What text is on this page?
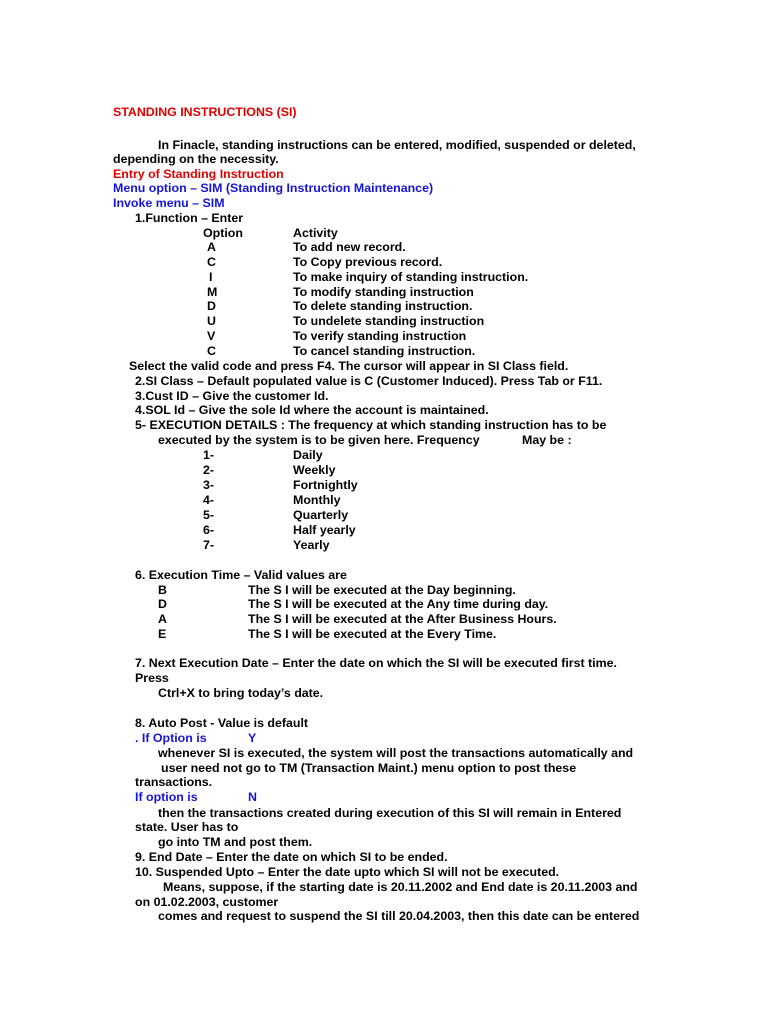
STANDING INSTRUCTIONS (SI)
In Finacle, standing instructions can be entered, modified, suspended or deleted,
depending on the necessity.
Entry of Standing Instruction
Menu option – SIM (Standing Instruction Maintenance)
Invoke menu – SIM
1.Function – Enter
Option	Activity
A	To add new record.
C	To Copy previous record.
I	To make inquiry of standing instruction.
M	To modify standing instruction
D	To delete standing instruction.
U	To undelete standing instruction
V	To verify standing instruction
C	To cancel standing instruction.
Select the valid code and press F4. The cursor will appear in SI Class field.
2.SI Class – Default populated value is C (Customer Induced). Press Tab or F11.
3.Cust ID – Give the customer Id.
4.SOL Id – Give the sole Id where the account is maintained.
5- EXECUTION DETAILS : The frequency at which standing instruction has to be
executed by the system is to be given here. Frequency	May be :
1-	Daily
2-	Weekly
3-	Fortnightly
4-	Monthly
5-	Quarterly
6-	Half yearly
7-	Yearly
6. Execution Time – Valid values are
B	The S I will be executed at the Day beginning.
D	The S I will be executed at the Any time during day.
A	The S I will be executed at the After Business Hours.
E	The S I will be executed at the Every Time.
7. Next Execution Date – Enter the date on which the SI will be executed first time.
Press
Ctrl+X to bring today’s date.
8. Auto Post - Value is default
. If Option is	Y
whenever SI is executed, the system will post the transactions automatically and
user need not go to TM (Transaction Maint.) menu option to post these
transactions.
If option is	N
then the transactions created during execution of this SI will remain in Entered
state. User has to
go into TM and post them.
9. End Date – Enter the date on which SI to be ended.
10. Suspended Upto – Enter the date upto which SI will not be executed.
Means, suppose, if the starting date is 20.11.2002 and End date is 20.11.2003 and
on 01.02.2003, customer
comes and request to suspend the SI till 20.04.2003, then this date can be entered
